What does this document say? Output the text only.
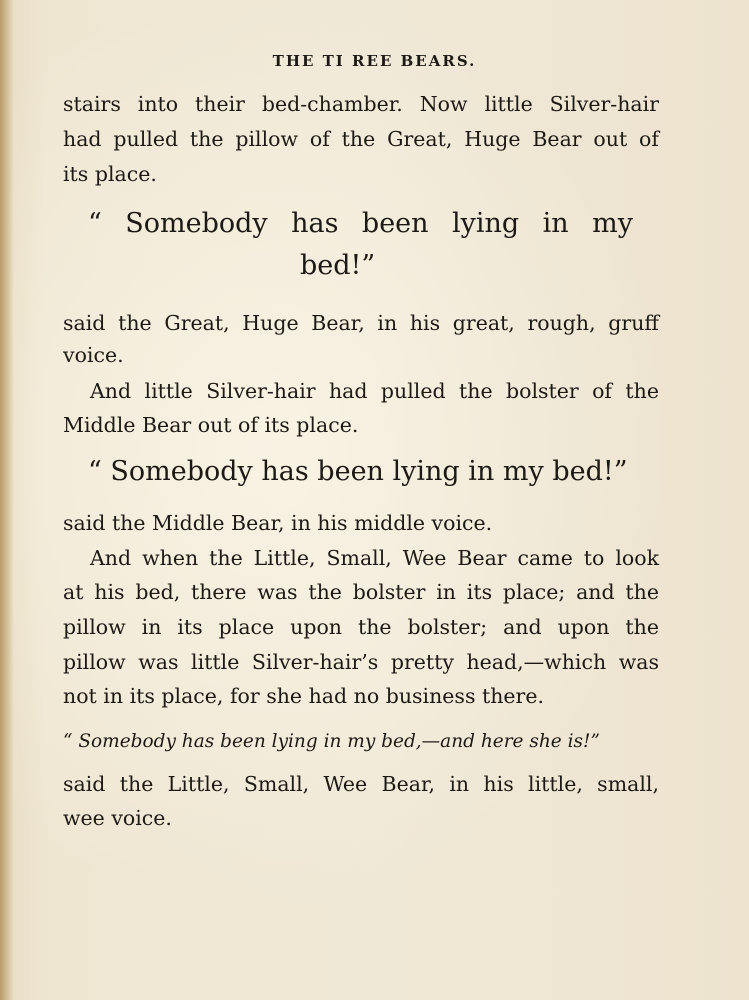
THE TI REE BEARS.
stairs into their bed-chamber. Now little Silver-hair
had pulled the pillow of the Great, Huge Bear out of
its place.
“ Somebody has been lying in my
bed!”
said the Great, Huge Bear, in his great, rough, gruff
voice.
And little Silver-hair had pulled the bolster of the
Middle Bear out of its place.
“ Somebody has been lying in my bed!”
said the Middle Bear, in his middle voice.
And when the Little, Small, Wee Bear came to look
at his bed, there was the bolster in its place; and the
pillow in its place upon the bolster; and upon the
pillow was little Silver-hair’s pretty head,—which was
not in its place, for she had no business there.
“ Somebody has been lying in my bed,—and here she is!”
said the Little, Small, Wee Bear, in his little, small,
wee voice.
